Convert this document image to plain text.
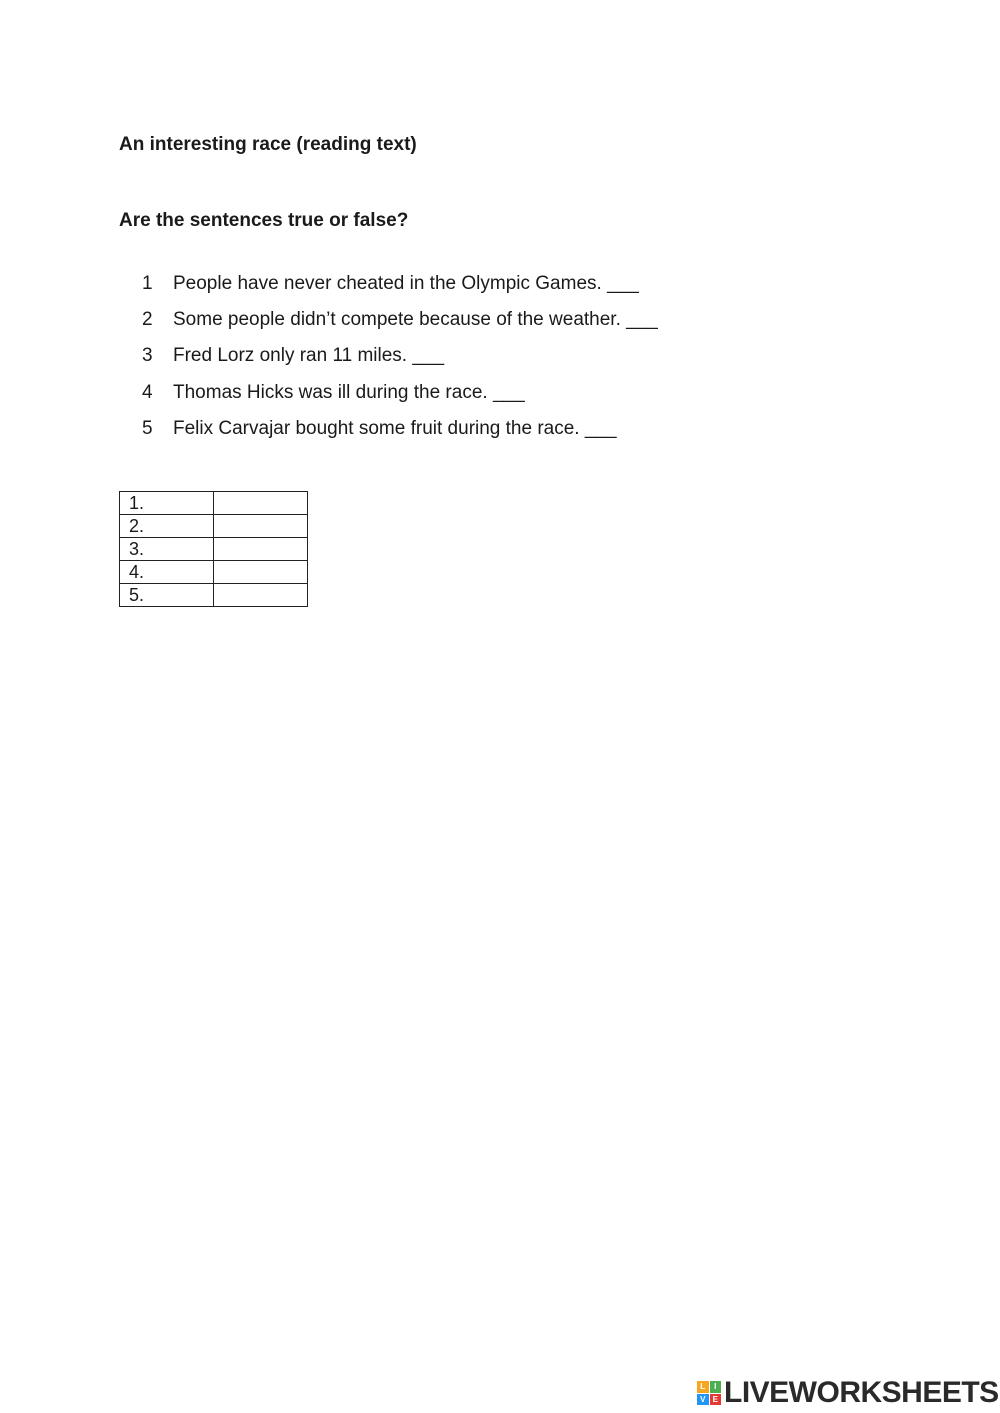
An interesting race (reading text)
Are the sentences true or false?
1 People have never cheated in the Olympic Games. ___
2 Some people didn’t compete because of the weather. ___
3 Fred Lorz only ran 11 miles. ___
4 Thomas Hicks was ill during the race. ___
5 Felix Carvajar bought some fruit during the race. ___
1.	
2.	
3.	
4.	
5.	
L	I
V E LIVEWORKSHEETS
